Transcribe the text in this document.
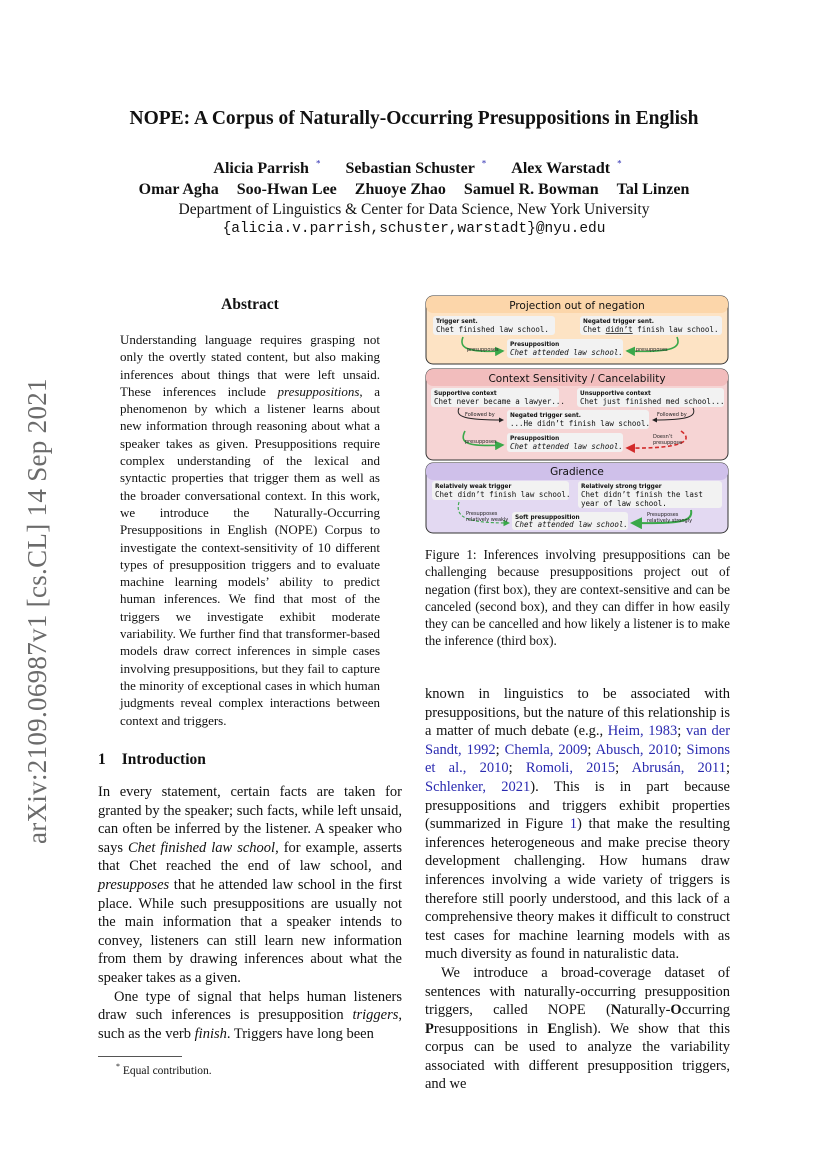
arXiv:2109.06987v1 [cs.CL] 14 Sep 2021
NOPE: A Corpus of Naturally-Occurring Presuppositions in English
Alicia Parrish * Sebastian Schuster * Alex Warstadt *
Omar Agha Soo-Hwan Lee Zhuoye Zhao Samuel R. Bowman Tal Linzen
Department of Linguistics & Center for Data Science, New York University
{alicia.v.parrish,schuster,warstadt}@nyu.edu
Abstract
Understanding language requires grasping not only the overtly stated content, but also making inferences about things that were left unsaid. These inferences include presuppositions, a phenomenon by which a listener learns about new information through reasoning about what a speaker takes as given. Presuppositions require complex understanding of the lexical and syntactic properties that trigger them as well as the broader conversational context. In this work, we introduce the Naturally-Occurring Presuppositions in English (NOPE) Corpus to investigate the context-sensitivity of 10 different types of presupposition triggers and to evaluate machine learning models’ ability to predict human inferences. We find that most of the triggers we investigate exhibit moderate variability. We further find that transformer-based models draw correct inferences in simple cases involving presuppositions, but they fail to capture the minority of exceptional cases in which human judgments reveal complex interactions between context and triggers.
1 Introduction

In every statement, certain facts are taken for granted by the speaker; such facts, while left unsaid, can often be inferred by the listener. A speaker who says Chet finished law school, for example, asserts that Chet reached the end of law school, and presupposes that he attended law school in the first place. While such presuppositions are usually not the main information that a speaker intends to convey, listeners can still learn new information from them by drawing inferences about what the speaker takes as a given.

One type of signal that helps human listeners draw such inferences is presupposition triggers, such as the verb finish. Triggers have long been

* Equal contribution.
Projection out of negation
Trigger sent.
Chet finished law school.
Negated trigger sent.
Chet didn’t finish law school.
Presupposition
Chet attended law school.
presupposes	presupposes
Context Sensitivity / Cancelability
Supportive context
Chet never became a lawyer...
Unsupportive context
Chet just finished med school...
Negated trigger sent.
...He didn’t finish law school.
Presupposition
Chet attended law school.
Followed by	Followed by
presupposes
Doesn’t
presuppose
Gradience
Relatively weak trigger
Chet didn’t finish law school.
Relatively strong trigger
Chet didn’t finish the last
year of law school.
Soft presupposition
Chet attended law school.
Presupposes
relatively weakly
Presupposes
relatively strongly
Figure 1: Inferences involving presuppositions can be challenging because presuppositions project out of negation (first box), they are context-sensitive and can be canceled (second box), and they can differ in how easily they can be cancelled and how likely a listener is to make the inference (third box).

known in linguistics to be associated with presuppositions, but the nature of this relationship is a matter of much debate (e.g., Heim, 1983; van der Sandt, 1992; Chemla, 2009; Abusch, 2010; Simons et al., 2010; Romoli, 2015; Abrusán, 2011; Schlenker, 2021). This is in part because presuppositions and triggers exhibit properties (summarized in Figure 1) that make the resulting inferences heterogeneous and make precise theory development challenging. How humans draw inferences involving a wide variety of triggers is therefore still poorly understood, and this lack of a comprehensive theory makes it difficult to construct test cases for machine learning models with as much diversity as found in naturalistic data.

We introduce a broad-coverage dataset of sentences with naturally-occurring presupposition triggers, called NOPE (Naturally-Occurring Presuppositions in English). We show that this corpus can be used to analyze the variability associated with different presupposition triggers, and we
